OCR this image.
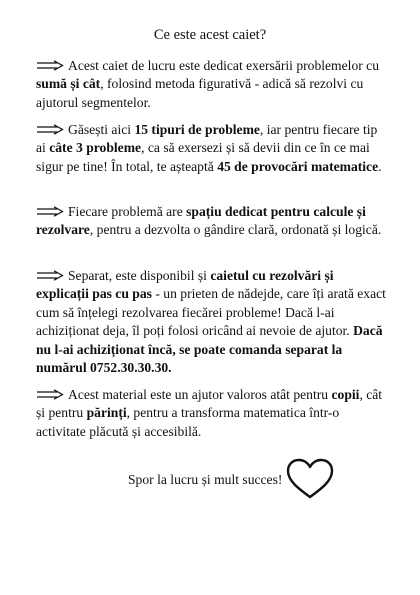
Ce este acest caiet?
Acest caiet de lucru este dedicat exersării problemelor cu sumă și cât, folosind metoda figurativă - adică să rezolvi cu ajutorul segmentelor.
Găsești aici 15 tipuri de probleme, iar pentru fiecare tip ai câte 3 probleme, ca să exersezi și să devii din ce în ce mai sigur pe tine! În total, te așteaptă 45 de provocări matematice.
Fiecare problemă are spațiu dedicat pentru calcule și rezolvare, pentru a dezvolta o gândire clară, ordonată și logică.
Separat, este disponibil și caietul cu rezolvări și explicații pas cu pas - un prieten de nădejde, care îți arată exact cum să înțelegi rezolvarea fiecărei probleme! Dacă l-ai achiziționat deja, îl poți folosi oricând ai nevoie de ajutor. Dacă nu l-ai achiziționat încă, se poate comanda separat la numărul 0752.30.30.30.
Acest material este un ajutor valoros atât pentru copii, cât și pentru părinți, pentru a transforma matematica într-o activitate plăcută și accesibilă.
Spor la lucru și mult succes!
